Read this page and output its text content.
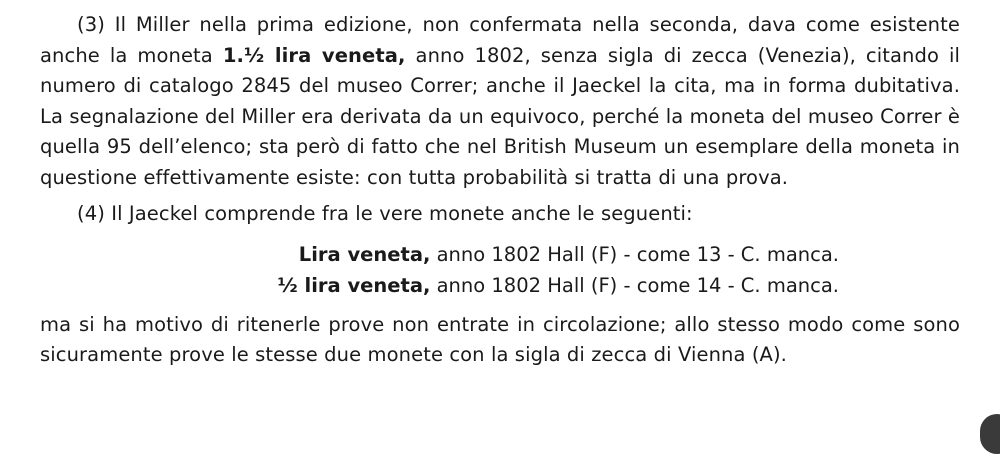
(3) Il Miller nella prima edizione, non confermata nella seconda, dava come esistente anche la moneta 1.½ lira veneta, anno 1802, senza sigla di zecca (Venezia), citando il numero di catalogo 2845 del museo Correr; anche il Jaeckel la cita, ma in forma dubitativa. La segnalazione del Miller era derivata da un equivoco, perché la moneta del museo Correr è quella 95 dell’elenco; sta però di fatto che nel British Museum un esemplare della moneta in questione effettivamente esiste: con tutta probabilità si tratta di una prova.

(4) Il Jaeckel comprende fra le vere monete anche le seguenti:

Lira veneta, anno 1802 Hall (F) - come 13 - C. manca.

½ lira veneta, anno 1802 Hall (F) - come 14 - C. manca.

ma si ha motivo di ritenerle prove non entrate in circolazione; allo stesso modo come sono sicuramente prove le stesse due monete con la sigla di zecca di Vienna (A).
